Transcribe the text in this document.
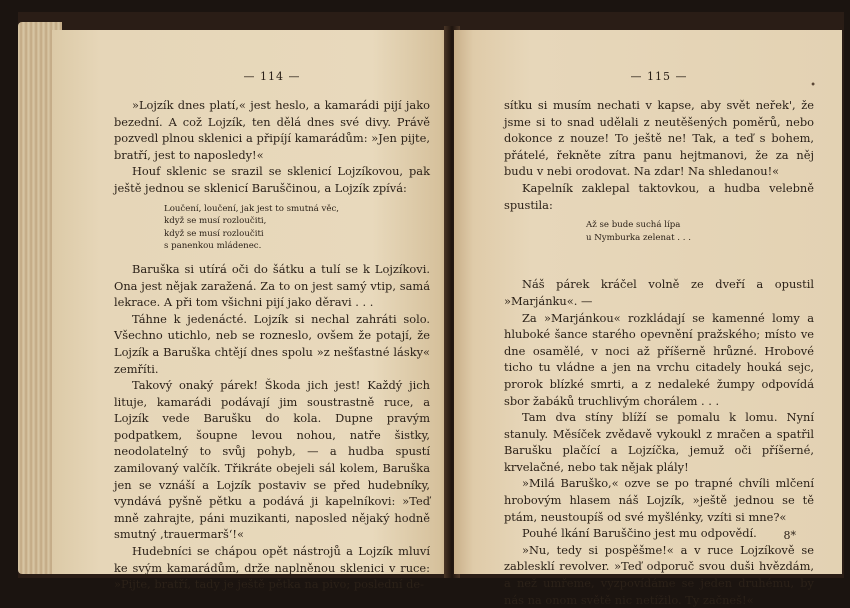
— 114 —

»Lojzík dnes platí,« jest heslo, a kamarádi pijí jako bezední. A což Lojzík, ten dělá dnes své divy. Právě pozvedl plnou sklenici a připíjí kamarádům: »Jen pijte, bratří, jest to naposledy!«

Houf sklenic se srazil se sklenicí Lojzíkovou, pak ještě jednou se sklenicí Baruščinou, a Lojzík zpívá:

Loučení, loučení, jak jest to smutná věc,
když se musí rozloučiti,
když se musí rozloučiti
s panenkou mládenec.

Baruška si utírá oči do šátku a tulí se k Lojzíkovi. Ona jest nějak zaražená. Za to on jest samý vtip, samá lekrace. A při tom všichni pijí jako děravi . . .

Táhne k jedenácté. Lojzík si nechal zahráti solo. Všechno utichlo, neb se rozneslo, ovšem že potají, že Lojzík a Baruška chtějí dnes spolu »z nešťastné lásky« zemříti.

Takový onaký párek! Škoda jich jest! Každý jich lituje, kamarádi podávají jim soustrastně ruce, a Lojzík vede Barušku do kola. Dupne pravým podpatkem, šoupne levou nohou, natře šistky, neodolatelný to svůj pohyb, — a hudba spustí zamilovaný valčík. Třikráte obejeli sál kolem, Baruška jen se vznáší a Lojzík postaviv se před hudebníky, vyndává pyšně pětku a podává ji kapelníkovi: »Teď mně zahrajte, páni muzikanti, naposled nějaký hodně smutný ‚trauermarš‘!«

Hudebníci se chápou opět nástrojů a Lojzík mluví ke svým kamarádům, drže naplněnou sklenici v ruce: »Pijte, bratří, tady je ještě pětka na pivo; poslední de-

•
— 115 —

sítku si musím nechati v kapse, aby svět neřek', že jsme si to snad udělali z neutěšených poměrů, nebo dokonce z nouze! To ještě ne! Tak, a teď s bohem, přátelé, řekněte zítra panu hejtmanovi, že za něj budu v nebi orodovat. Na zdar! Na shledanou!«

Kapelník zaklepal taktovkou, a hudba velebně spustila:

Až se bude suchá lípa
u Nymburka zelenat . . .

Náš párek kráčel volně ze dveří a opustil »Marjánku«. —

Za »Marjánkou« rozkládají se kamenné lomy a hluboké šance starého opevnění pražského; místo ve dne osamělé, v noci až příšerně hrůzné. Hrobové ticho tu vládne a jen na vrchu citadely houká sejc, prorok blízké smrti, a z nedaleké žumpy odpovídá sbor žabáků truchlivým chorálem . . .

Tam dva stíny blíží se pomalu k lomu. Nyní stanuly. Měsíček zvědavě vykoukl z mračen a spatřil Barušku plačící a Lojzíčka, jemuž oči příšerné, krvelačné, nebo tak nějak plály!

»Milá Baruško,« ozve se po trapné chvíli mlčení hrobovým hlasem náš Lojzík, »ještě jednou se tě ptám, neustoupíš od své myšlénky, vzíti si mne?«

Pouhé lkání Baruščino jest mu odpovědí.

»Nu, tedy si pospěšme!« a v ruce Lojzíkově se zablesklí revolver. »Teď odporuč svou duši hvězdám, a než umřeme, vyzpovídáme se jeden druhému, by nás na onom světě nic netížilo. Ty začneš!«

8*
